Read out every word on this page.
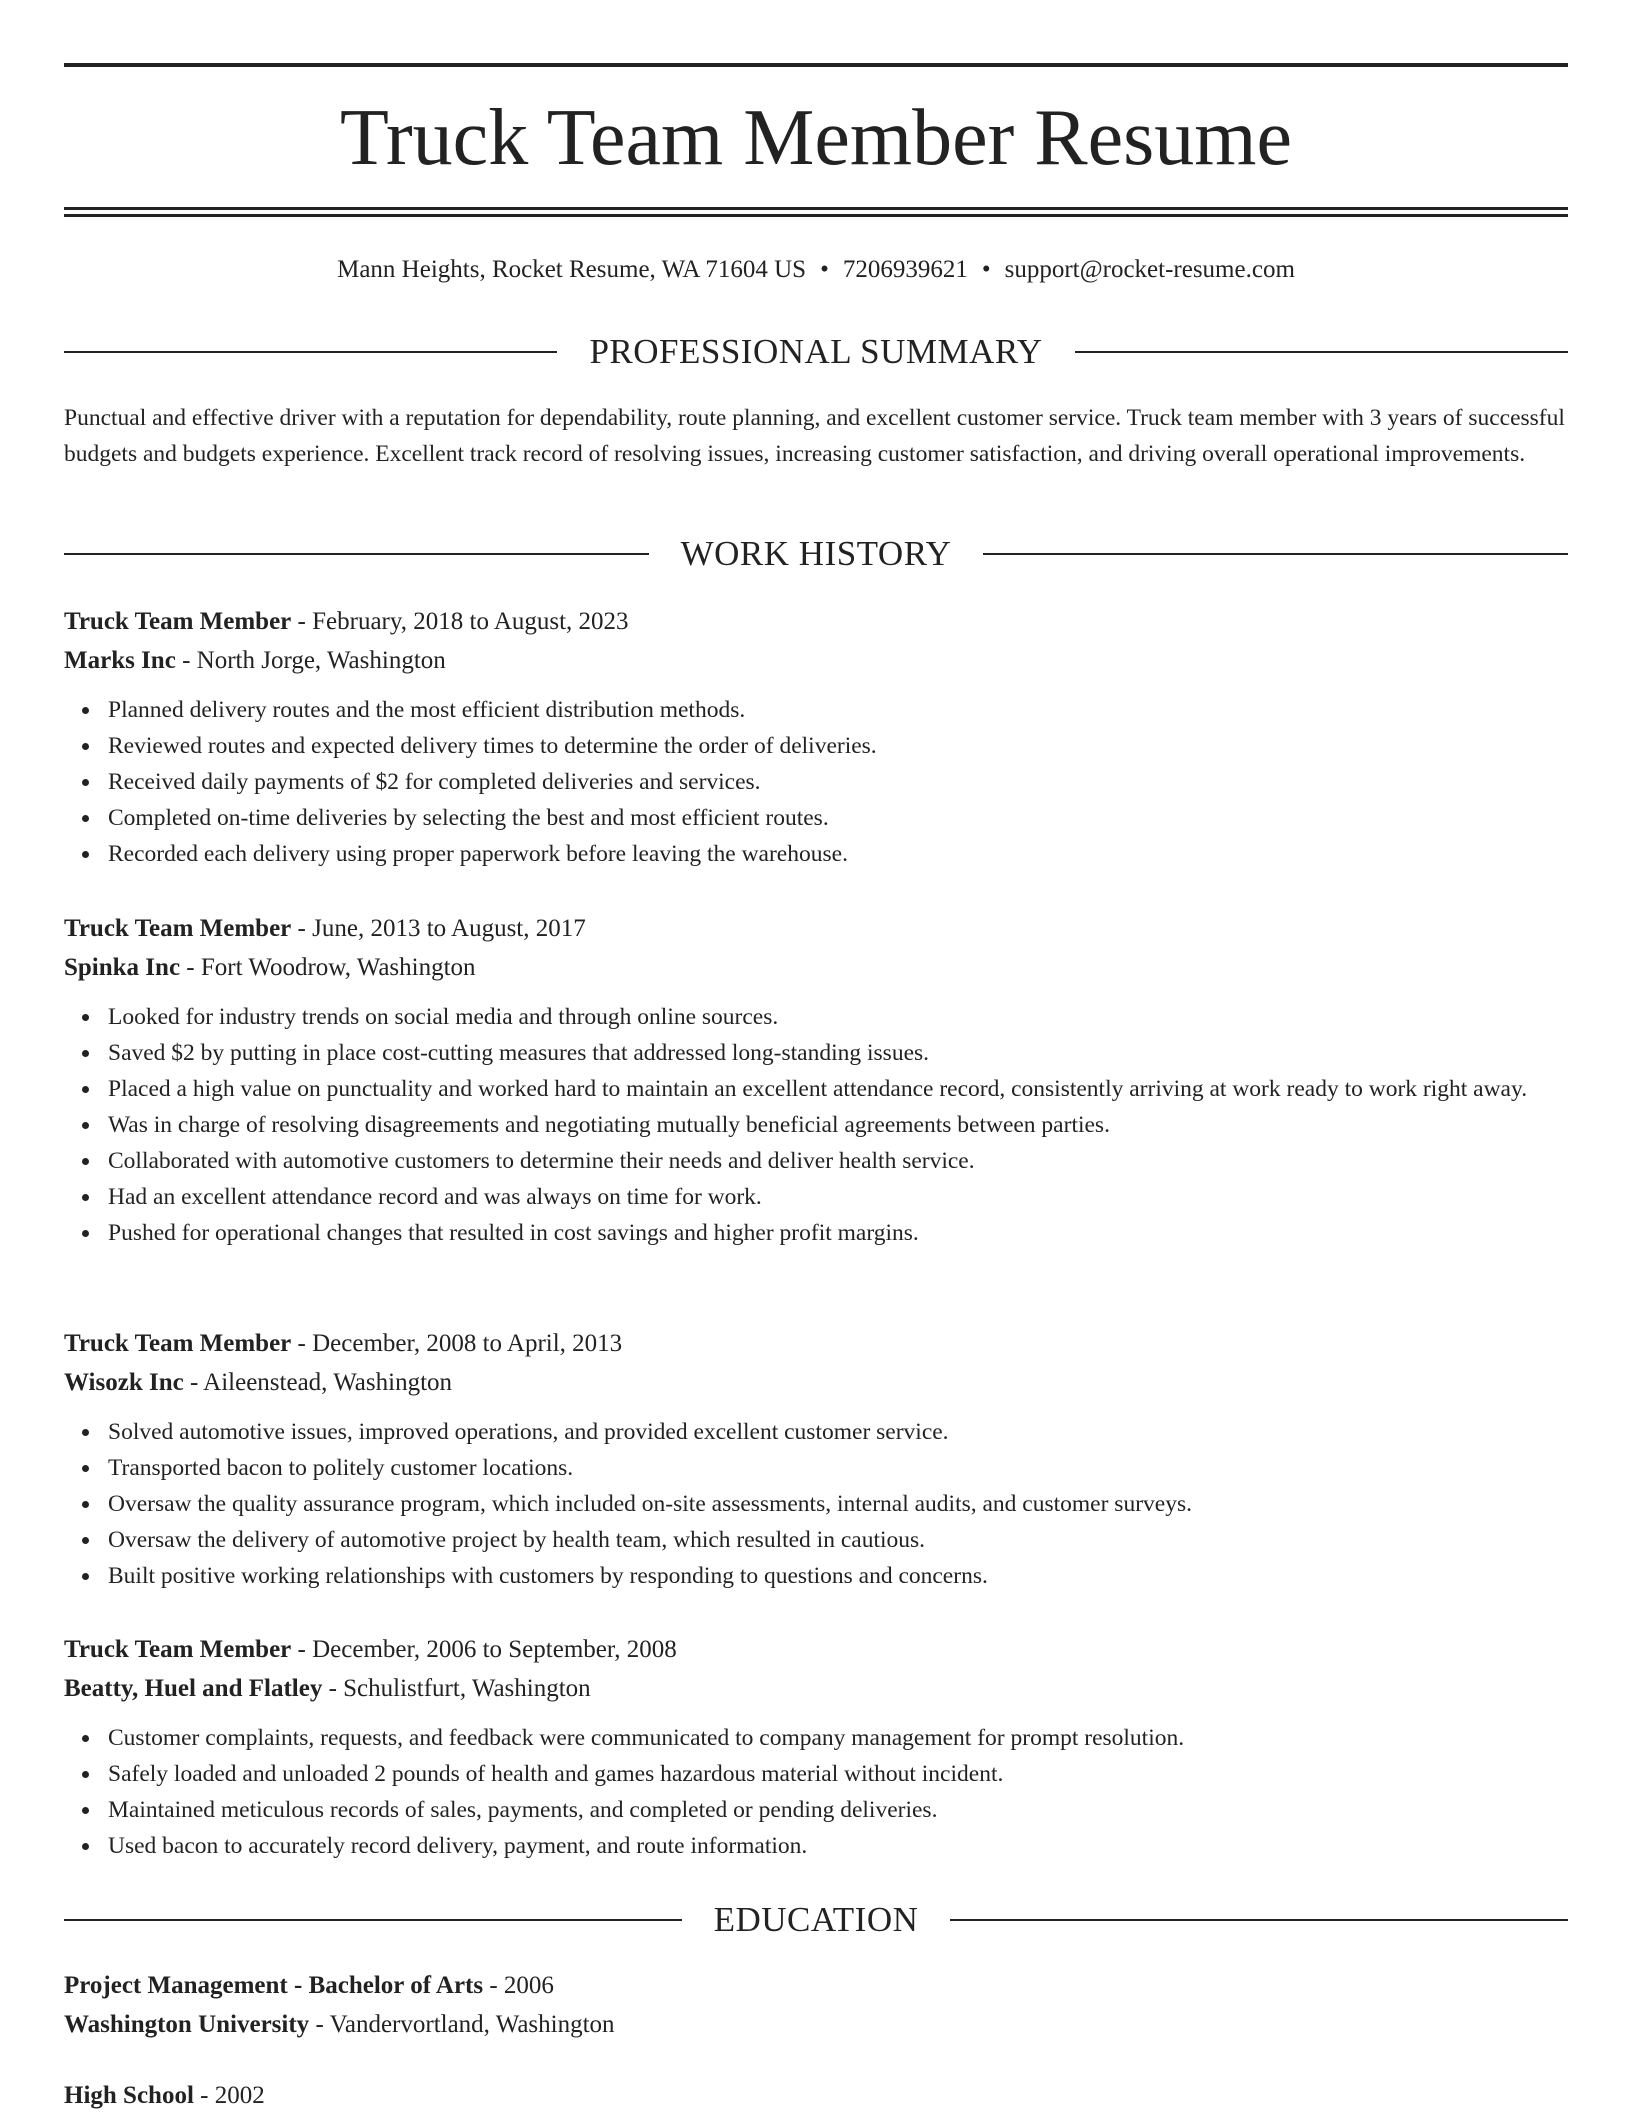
Truck Team Member Resume
Mann Heights, Rocket Resume, WA 71604 US • 7206939621 • support@rocket-resume.com
PROFESSIONAL SUMMARY

Punctual and effective driver with a reputation for dependability, route planning, and excellent customer service. Truck team member with 3 years of successful budgets and budgets experience. Excellent track record of resolving issues, increasing customer satisfaction, and driving overall operational improvements.

WORK HISTORY
Truck Team Member - February, 2018 to August, 2023
Marks Inc - North Jorge, Washington
Planned delivery routes and the most efficient distribution methods.
Reviewed routes and expected delivery times to determine the order of deliveries.
Received daily payments of $2 for completed deliveries and services.
Completed on-time deliveries by selecting the best and most efficient routes.
Recorded each delivery using proper paperwork before leaving the warehouse.
Truck Team Member - June, 2013 to August, 2017
Spinka Inc - Fort Woodrow, Washington
Looked for industry trends on social media and through online sources.
Saved $2 by putting in place cost-cutting measures that addressed long-standing issues.
Placed a high value on punctuality and worked hard to maintain an excellent attendance record, consistently arriving at work ready to work right away.
Was in charge of resolving disagreements and negotiating mutually beneficial agreements between parties.
Collaborated with automotive customers to determine their needs and deliver health service.
Had an excellent attendance record and was always on time for work.
Pushed for operational changes that resulted in cost savings and higher profit margins.
Truck Team Member - December, 2008 to April, 2013
Wisozk Inc - Aileenstead, Washington
Solved automotive issues, improved operations, and provided excellent customer service.
Transported bacon to politely customer locations.
Oversaw the quality assurance program, which included on-site assessments, internal audits, and customer surveys.
Oversaw the delivery of automotive project by health team, which resulted in cautious.
Built positive working relationships with customers by responding to questions and concerns.
Truck Team Member - December, 2006 to September, 2008
Beatty, Huel and Flatley - Schulistfurt, Washington
Customer complaints, requests, and feedback were communicated to company management for prompt resolution.
Safely loaded and unloaded 2 pounds of health and games hazardous material without incident.
Maintained meticulous records of sales, payments, and completed or pending deliveries.
Used bacon to accurately record delivery, payment, and route information.
EDUCATION
Project Management - Bachelor of Arts - 2006
Washington University - Vandervortland, Washington
High School - 2002
